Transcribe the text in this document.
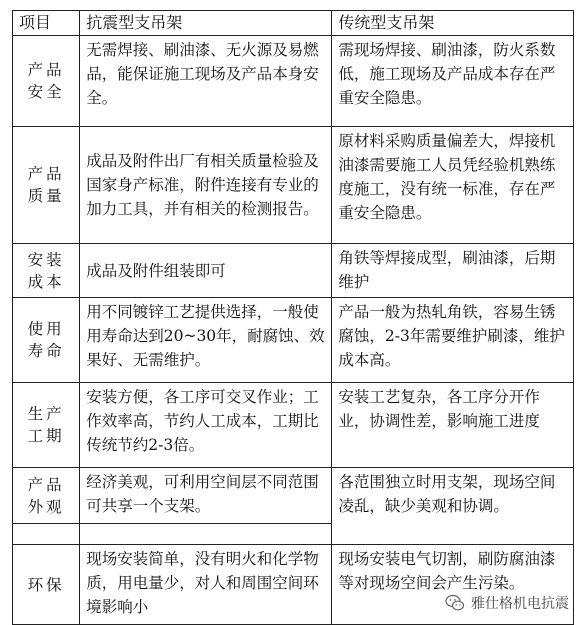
项目	抗震型支吊架	传统型支吊架

产品
安全	无需焊接、刷油漆、无火源及易燃品，能保证施工现场及产品本身安全。	需现场焊接、刷油漆，防火系数低，施工现场及产品成本存在严重安全隐患。

产品
质量	成品及附件出厂有相关质量检验及国家身产标准，附件连接有专业的加力工具，并有相关的检测报告。	原材料采购质量偏差大，焊接机油漆需要施工人员凭经验机熟练度施工，没有统一标准，存在严重安全隐患。

安装
成本	成品及附件组装即可	角铁等焊接成型，刷油漆，后期维护

使用
寿命	用不同镀锌工艺提供选择，一般使用寿命达到20~30年，耐腐蚀、效果好、无需维护。	产品一般为热轧角铁，容易生锈腐蚀，2-3年需要维护刷漆，维护成本高。

生产
工期	安装方便，各工序可交叉作业；工作效率高，节约人工成本，工期比传统节约2-3倍。	安装工艺复杂，各工序分开作业，协调性差，影响施工进度

产品
外观	经济美观，可利用空间层不同范围可共享一个支架。	各范围独立时用支架，现场空间凌乱，缺少美观和协调。

环保	现场安装简单，没有明火和化学物质，用电量少，对人和周围空间环境影响小	现场安装电气切割，刷防腐油漆等对现场空间会产生污染。
雅仕格机电抗震
